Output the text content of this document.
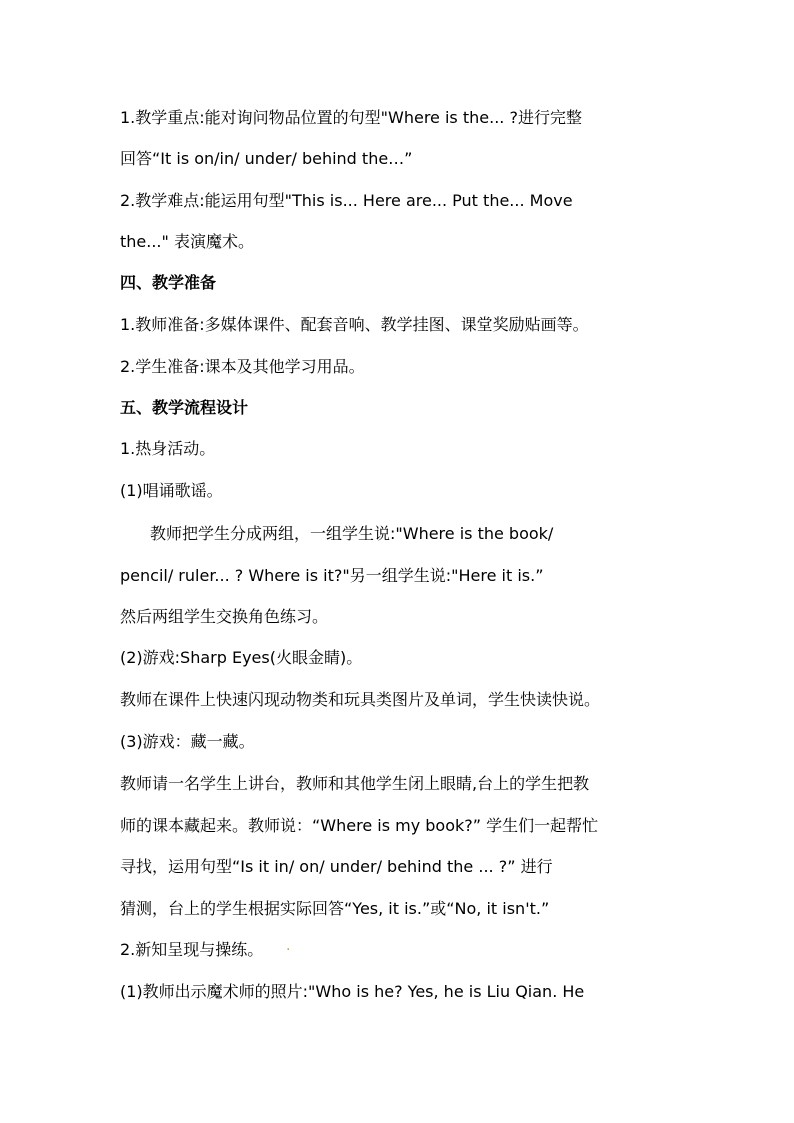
1.教学重点:能对询问物品位置的句型"Where is the... ?进行完整
回答“It is on/in/ under/ behind the…”
2.教学难点:能运用句型"This is... Here are... Put the... Move
the..." 表演魔术。
四、教学准备
1.教师准备:多媒体课件、配套音响、教学挂图、课堂奖励贴画等。
2.学生准备:课本及其他学习用品。
五、教学流程设计
1.热身活动。
(1)唱诵歌谣。
教师把学生分成两组，一组学生说:"Where is the book/
pencil/ ruler... ? Where is it?"另一组学生说:"Here it is.”
然后两组学生交换角色练习。
(2)游戏:Sharp Eyes(火眼金睛)。
教师在课件上快速闪现动物类和玩具类图片及单词，学生快读快说。
(3)游戏：藏一藏。
教师请一名学生上讲台，教师和其他学生闭上眼睛,台上的学生把教
师的课本藏起来。教师说：“Where is my book?” 学生们一起帮忙
寻找，运用句型“Is it in/ on/ under/ behind the ... ?” 进行
猜测，台上的学生根据实际回答“Yes, it is.”或“No, it isn't.”
2.新知呈现与操练。
(1)教师出示魔术师的照片:"Who is he? Yes, he is Liu Qian. He
.
